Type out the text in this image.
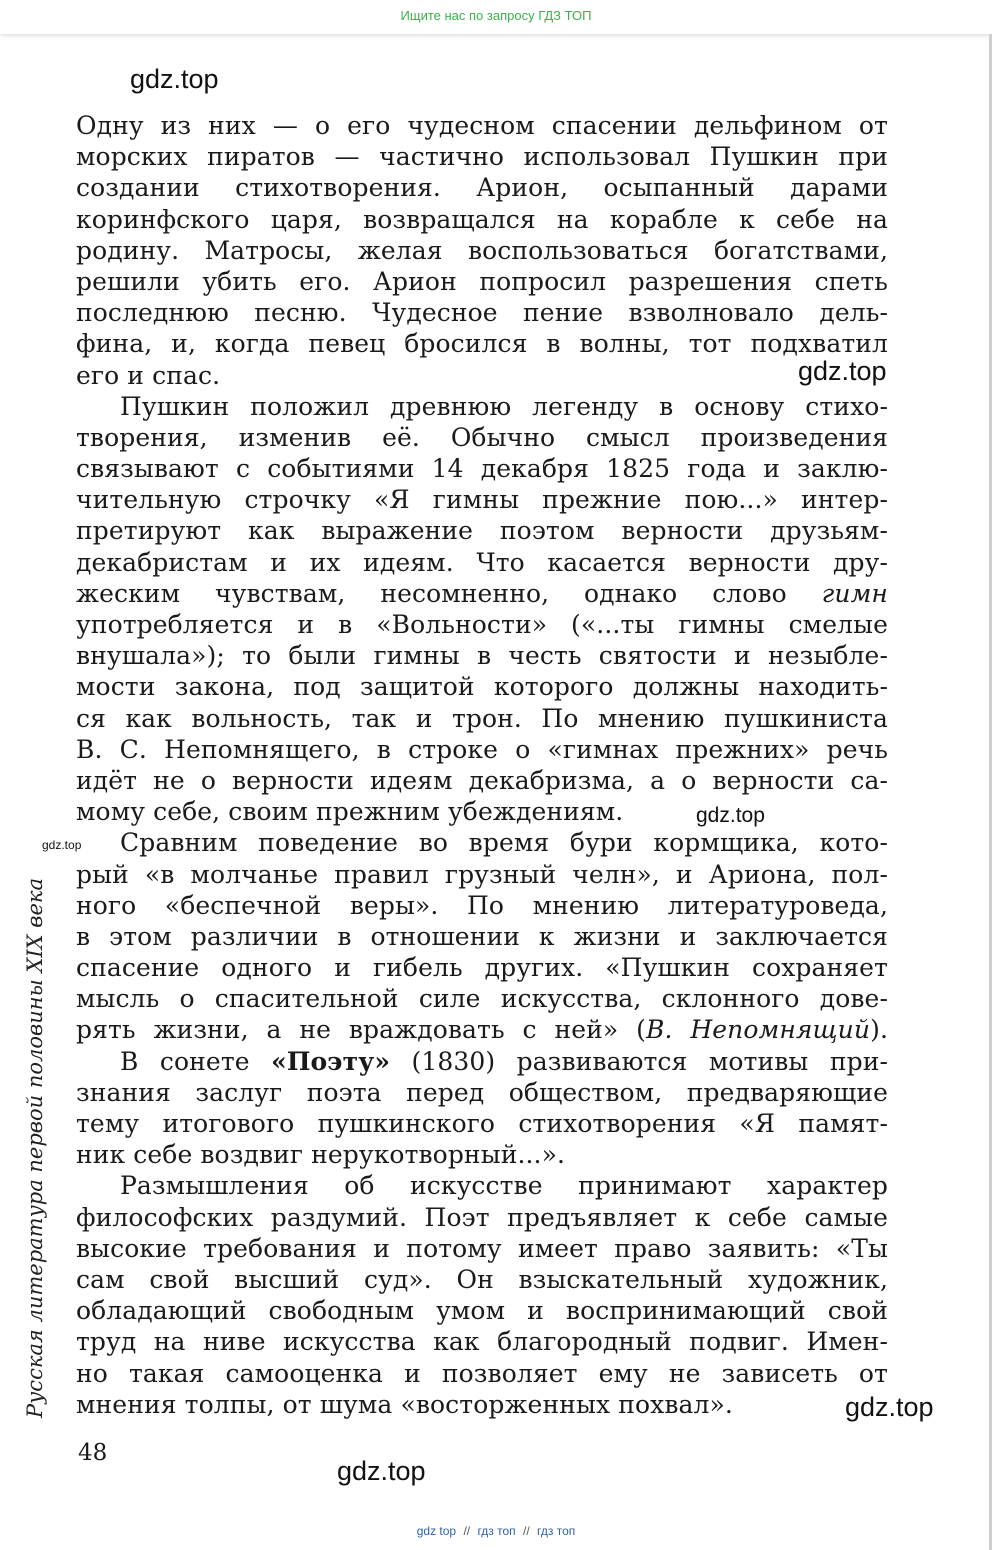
Ищите нас по запросу ГДЗ ТОП
gdz.top
gdz.top
gdz.top
gdz.top
gdz.top
gdz.top
Русская литература первой половины XIX века
Одну из них — о его чудесном спасении дельфином от
морских пиратов — частично использовал Пушкин при
создании стихотворения. Арион, осыпанный дарами
коринфского царя, возвращался на корабле к себе на
родину. Матросы, желая воспользоваться богатствами,
решили убить его. Арион попросил разрешения спеть
последнюю песню. Чудесное пение взволновало дель-
фина, и, когда певец бросился в волны, тот подхватил
его и спас.
Пушкин положил древнюю легенду в основу стихо-
творения, изменив её. Обычно смысл произведения
связывают с событиями 14 декабря 1825 года и заклю-
чительную строчку «Я гимны прежние пою...» интер-
претируют как выражение поэтом верности друзьям-
декабристам и их идеям. Что касается верности дру-
жеским чувствам, несомненно, однако слово гимн
употребляется и в «Вольности» («...ты гимны смелые
внушала»); то были гимны в честь святости и незыбле-
мости закона, под защитой которого должны находить-
ся как вольность, так и трон. По мнению пушкиниста
В. С. Непомнящего, в строке о «гимнах прежних» речь
идёт не о верности идеям декабризма, а о верности са-
мому себе, своим прежним убеждениям.
Сравним поведение во время бури кормщика, кото-
рый «в молчанье правил грузный челн», и Ариона, пол-
ного «беспечной веры». По мнению литературоведа,
в этом различии в отношении к жизни и заключается
спасение одного и гибель других. «Пушкин сохраняет
мысль о спасительной силе искусства, склонного дове-
рять жизни, а не враждовать с ней» (В. Непомнящий).
В сонете «Поэту» (1830) развиваются мотивы при-
знания заслуг поэта перед обществом, предваряющие
тему итогового пушкинского стихотворения «Я памят-
ник себе воздвиг нерукотворный...».
Размышления об искусстве принимают характер
философских раздумий. Поэт предъявляет к себе самые
высокие требования и потому имеет право заявить: «Ты
сам свой высший суд». Он взыскательный художник,
обладающий свободным умом и воспринимающий свой
труд на ниве искусства как благородный подвиг. Имен-
но такая самооценка и позволяет ему не зависеть от
мнения толпы, от шума «восторженных похвал».
48
gdz top // гдз топ // гдз топ
